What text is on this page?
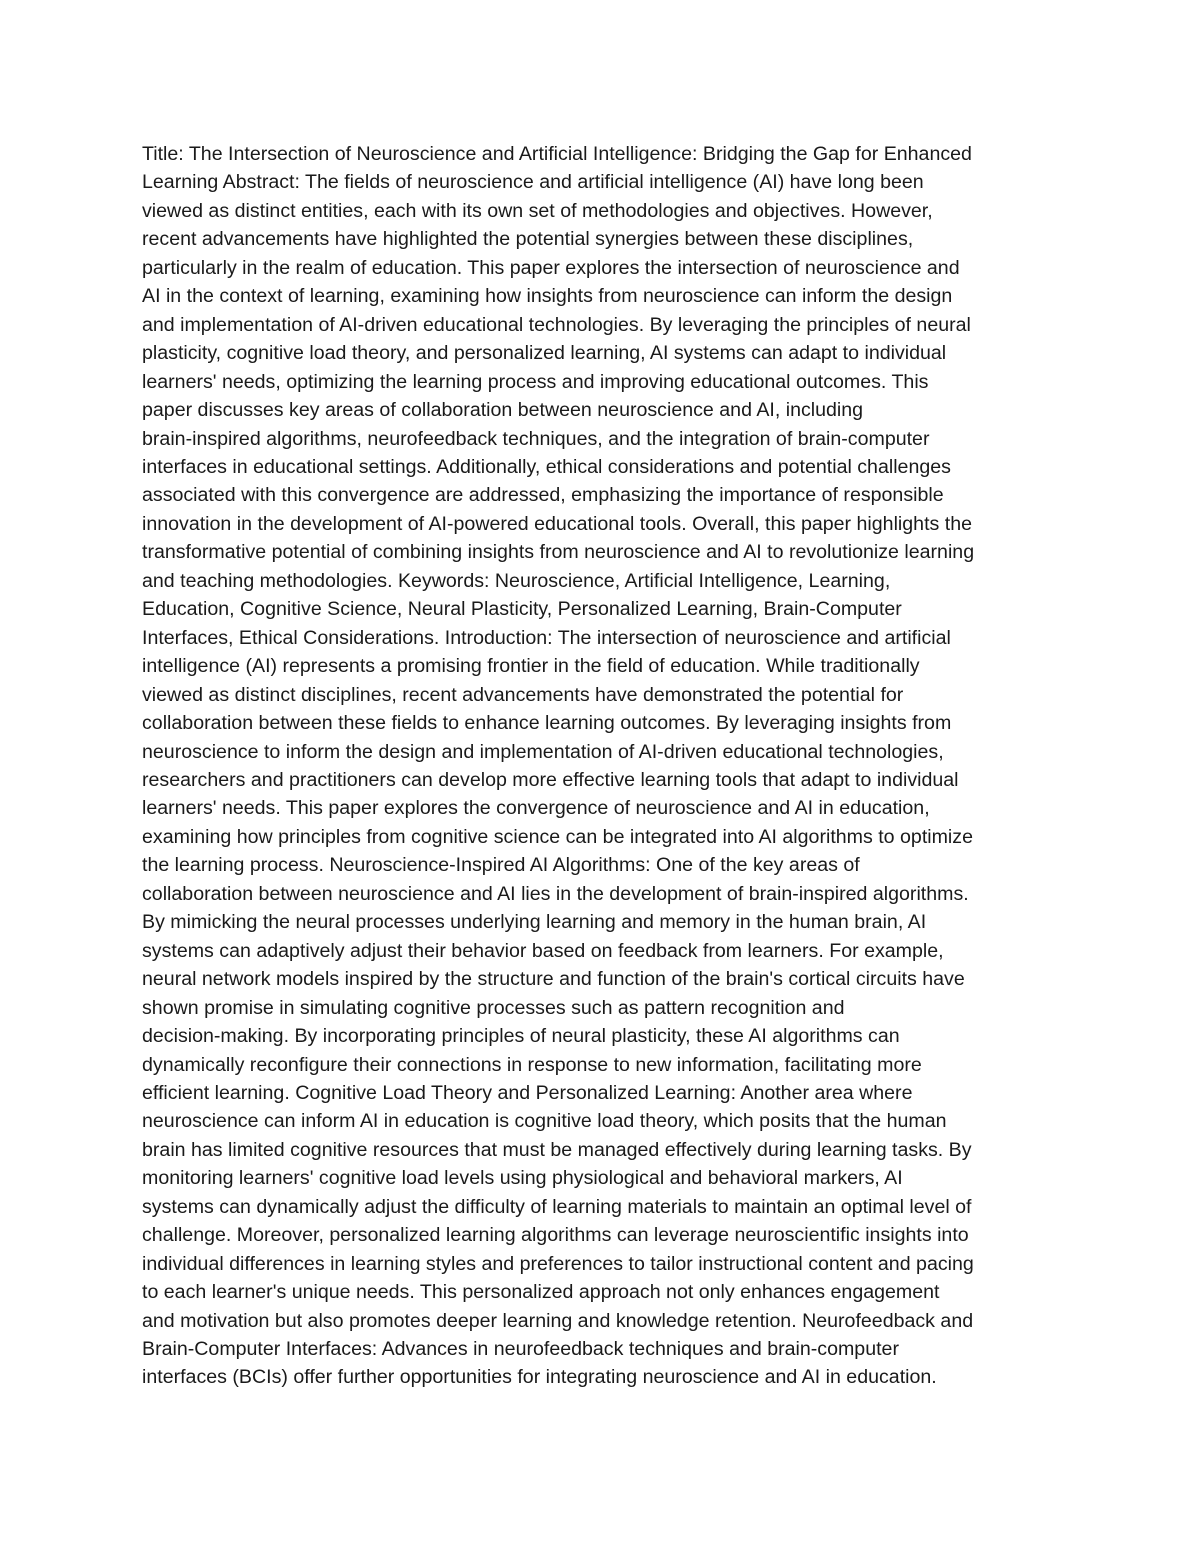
Title: The Intersection of Neuroscience and Artificial Intelligence: Bridging the Gap for Enhanced
Learning Abstract: The fields of neuroscience and artificial intelligence (AI) have long been
viewed as distinct entities, each with its own set of methodologies and objectives. However,
recent advancements have highlighted the potential synergies between these disciplines,
particularly in the realm of education. This paper explores the intersection of neuroscience and
AI in the context of learning, examining how insights from neuroscience can inform the design
and implementation of AI-driven educational technologies. By leveraging the principles of neural
plasticity, cognitive load theory, and personalized learning, AI systems can adapt to individual
learners' needs, optimizing the learning process and improving educational outcomes. This
paper discusses key areas of collaboration between neuroscience and AI, including
brain-inspired algorithms, neurofeedback techniques, and the integration of brain-computer
interfaces in educational settings. Additionally, ethical considerations and potential challenges
associated with this convergence are addressed, emphasizing the importance of responsible
innovation in the development of AI-powered educational tools. Overall, this paper highlights the
transformative potential of combining insights from neuroscience and AI to revolutionize learning
and teaching methodologies. Keywords: Neuroscience, Artificial Intelligence, Learning,
Education, Cognitive Science, Neural Plasticity, Personalized Learning, Brain-Computer
Interfaces, Ethical Considerations. Introduction: The intersection of neuroscience and artificial
intelligence (AI) represents a promising frontier in the field of education. While traditionally
viewed as distinct disciplines, recent advancements have demonstrated the potential for
collaboration between these fields to enhance learning outcomes. By leveraging insights from
neuroscience to inform the design and implementation of AI-driven educational technologies,
researchers and practitioners can develop more effective learning tools that adapt to individual
learners' needs. This paper explores the convergence of neuroscience and AI in education,
examining how principles from cognitive science can be integrated into AI algorithms to optimize
the learning process. Neuroscience-Inspired AI Algorithms: One of the key areas of
collaboration between neuroscience and AI lies in the development of brain-inspired algorithms.
By mimicking the neural processes underlying learning and memory in the human brain, AI
systems can adaptively adjust their behavior based on feedback from learners. For example,
neural network models inspired by the structure and function of the brain's cortical circuits have
shown promise in simulating cognitive processes such as pattern recognition and
decision-making. By incorporating principles of neural plasticity, these AI algorithms can
dynamically reconfigure their connections in response to new information, facilitating more
efficient learning. Cognitive Load Theory and Personalized Learning: Another area where
neuroscience can inform AI in education is cognitive load theory, which posits that the human
brain has limited cognitive resources that must be managed effectively during learning tasks. By
monitoring learners' cognitive load levels using physiological and behavioral markers, AI
systems can dynamically adjust the difficulty of learning materials to maintain an optimal level of
challenge. Moreover, personalized learning algorithms can leverage neuroscientific insights into
individual differences in learning styles and preferences to tailor instructional content and pacing
to each learner's unique needs. This personalized approach not only enhances engagement
and motivation but also promotes deeper learning and knowledge retention. Neurofeedback and
Brain-Computer Interfaces: Advances in neurofeedback techniques and brain-computer
interfaces (BCIs) offer further opportunities for integrating neuroscience and AI in education.
